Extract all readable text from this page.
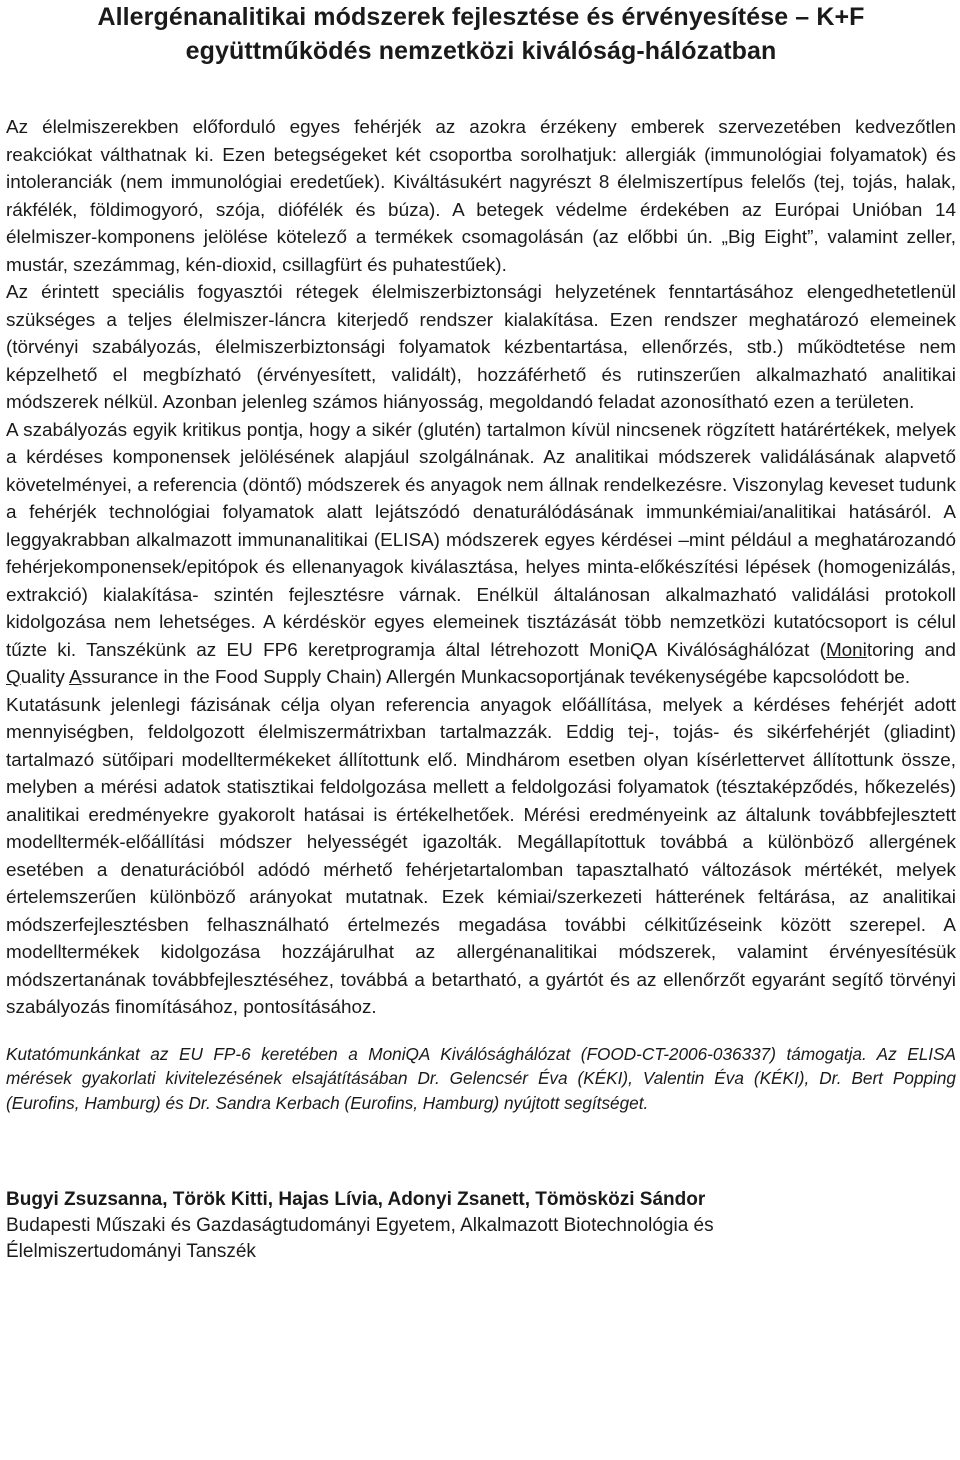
Allergénanalitikai módszerek fejlesztése és érvényesítése – K+F
együttműködés nemzetközi kiválóság-hálózatban

Az élelmiszerekben előforduló egyes fehérjék az azokra érzékeny emberek szervezetében kedvezőtlen reakciókat válthatnak ki. Ezen betegségeket két csoportba sorolhatjuk: allergiák (immunológiai folyamatok) és intoleranciák (nem immunológiai eredetűek). Kiváltásukért nagyrészt 8 élelmiszertípus felelős (tej, tojás, halak, rákfélék, földimogyoró, szója, diófélék és búza). A betegek védelme érdekében az Európai Unióban 14 élelmiszer-komponens jelölése kötelező a termékek csomagolásán (az előbbi ún. „Big Eight”, valamint zeller, mustár, szezámmag, kén-dioxid, csillagfürt és puhatestűek).

Az érintett speciális fogyasztói rétegek élelmiszerbiztonsági helyzetének fenntartásához elengedhetetlenül szükséges a teljes élelmiszer-láncra kiterjedő rendszer kialakítása. Ezen rendszer meghatározó elemeinek (törvényi szabályozás, élelmiszerbiztonsági folyamatok kézbentartása, ellenőrzés, stb.) működtetése nem képzelhető el megbízható (érvényesített, validált), hozzáférhető és rutinszerűen alkalmazható analitikai módszerek nélkül. Azonban jelenleg számos hiányosság, megoldandó feladat azonosítható ezen a területen.

A szabályozás egyik kritikus pontja, hogy a sikér (glutén) tartalmon kívül nincsenek rögzített határértékek, melyek a kérdéses komponensek jelölésének alapjául szolgálnának. Az analitikai módszerek validálásának alapvető követelményei, a referencia (döntő) módszerek és anyagok nem állnak rendelkezésre. Viszonylag keveset tudunk a fehérjék technológiai folyamatok alatt lejátszódó denaturálódásának immunkémiai/analitikai hatásáról. A leggyakrabban alkalmazott immunanalitikai (ELISA) módszerek egyes kérdései –mint például a meghatározandó fehérjekomponensek/epitópok és ellenanyagok kiválasztása, helyes minta-előkészítési lépések (homogenizálás, extrakció) kialakítása- szintén fejlesztésre várnak. Enélkül általánosan alkalmazható validálási protokoll kidolgozása nem lehetséges. A kérdéskör egyes elemeinek tisztázását több nemzetközi kutatócsoport is célul tűzte ki. Tanszékünk az EU FP6 keretprogramja által létrehozott MoniQA Kiválósághálózat (Monitoring and Quality Assurance in the Food Supply Chain) Allergén Munkacsoportjának tevékenységébe kapcsolódott be.

Kutatásunk jelenlegi fázisának célja olyan referencia anyagok előállítása, melyek a kérdéses fehérjét adott mennyiségben, feldolgozott élelmiszermátrixban tartalmazzák. Eddig tej-, tojás- és sikérfehérjét (gliadint) tartalmazó sütőipari modelltermékeket állítottunk elő. Mindhárom esetben olyan kísérlettervet állítottunk össze, melyben a mérési adatok statisztikai feldolgozása mellett a feldolgozási folyamatok (tésztaképződés, hőkezelés) analitikai eredményekre gyakorolt hatásai is értékelhetőek. Mérési eredményeink az általunk továbbfejlesztett modelltermék-előállítási módszer helyességét igazolták. Megállapítottuk továbbá a különböző allergének esetében a denaturációból adódó mérhető fehérjetartalomban tapasztalható változások mértékét, melyek értelemszerűen különböző arányokat mutatnak. Ezek kémiai/szerkezeti hátterének feltárása, az analitikai módszerfejlesztésben felhasználható értelmezés megadása további célkitűzéseink között szerepel. A modelltermékek kidolgozása hozzájárulhat az allergénanalitikai módszerek, valamint érvényesítésük módszertanának továbbfejlesztéséhez, továbbá a betartható, a gyártót és az ellenőrzőt egyaránt segítő törvényi szabályozás finomításához, pontosításához.

Kutatómunkánkat az EU FP-6 keretében a MoniQA Kiválósághálózat (FOOD-CT-2006-036337) támogatja. Az ELISA mérések gyakorlati kivitelezésének elsajátításában Dr. Gelencsér Éva (KÉKI), Valentin Éva (KÉKI), Dr. Bert Popping (Eurofins, Hamburg) és Dr. Sandra Kerbach (Eurofins, Hamburg) nyújtott segítséget.

Bugyi Zsuzsanna, Török Kitti, Hajas Lívia, Adonyi Zsanett, Tömösközi Sándor

Budapesti Műszaki és Gazdaságtudományi Egyetem, Alkalmazott Biotechnológia és Élelmiszertudományi Tanszék
